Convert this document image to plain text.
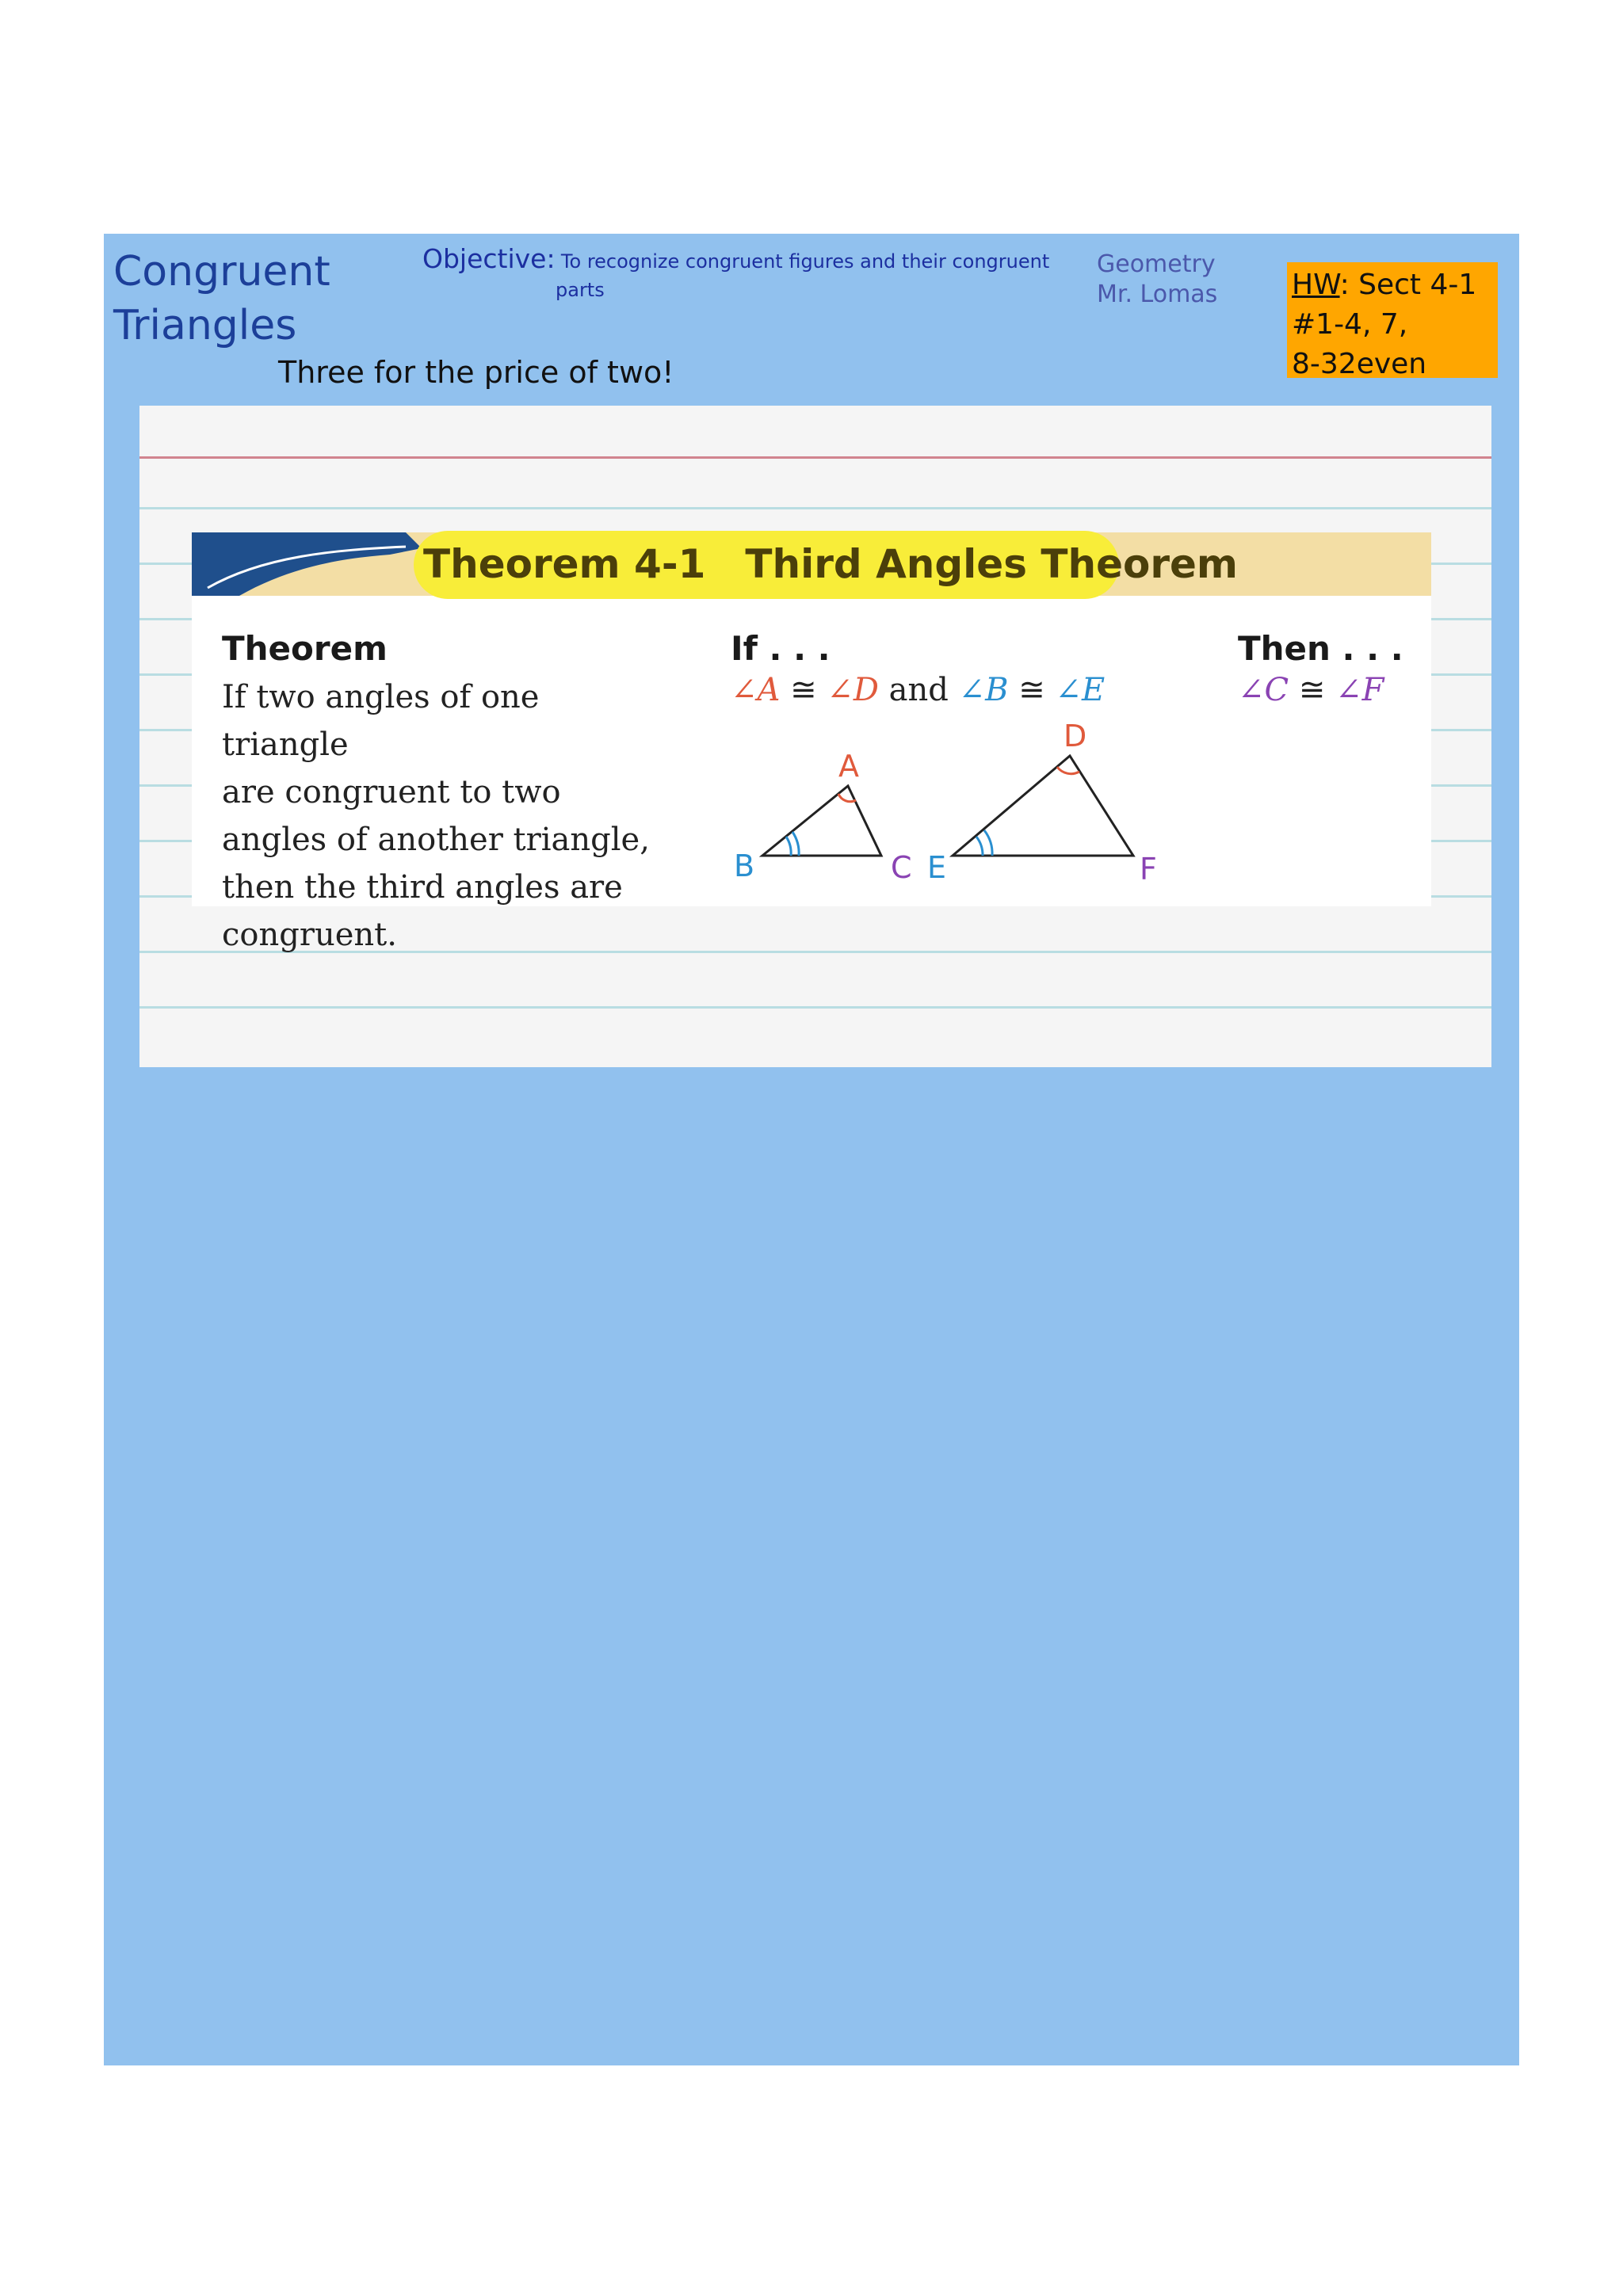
Congruent
Triangles
Objective: To recognize congruent figures and their congruent
parts
Geometry
Mr. Lomas	HW: Sect 4-1
#1-4, 7,
8-32even
Three for the price of two!
Theorem 4-1 Third Angles Theorem
Theorem	If . . .	Then . . .
If two angles of one triangle
are congruent to two
angles of another triangle,
then the third angles are
congruent.
∠A ≅ ∠D and ∠B ≅ ∠E	∠C ≅ ∠F
A
B	C
D
E	F
